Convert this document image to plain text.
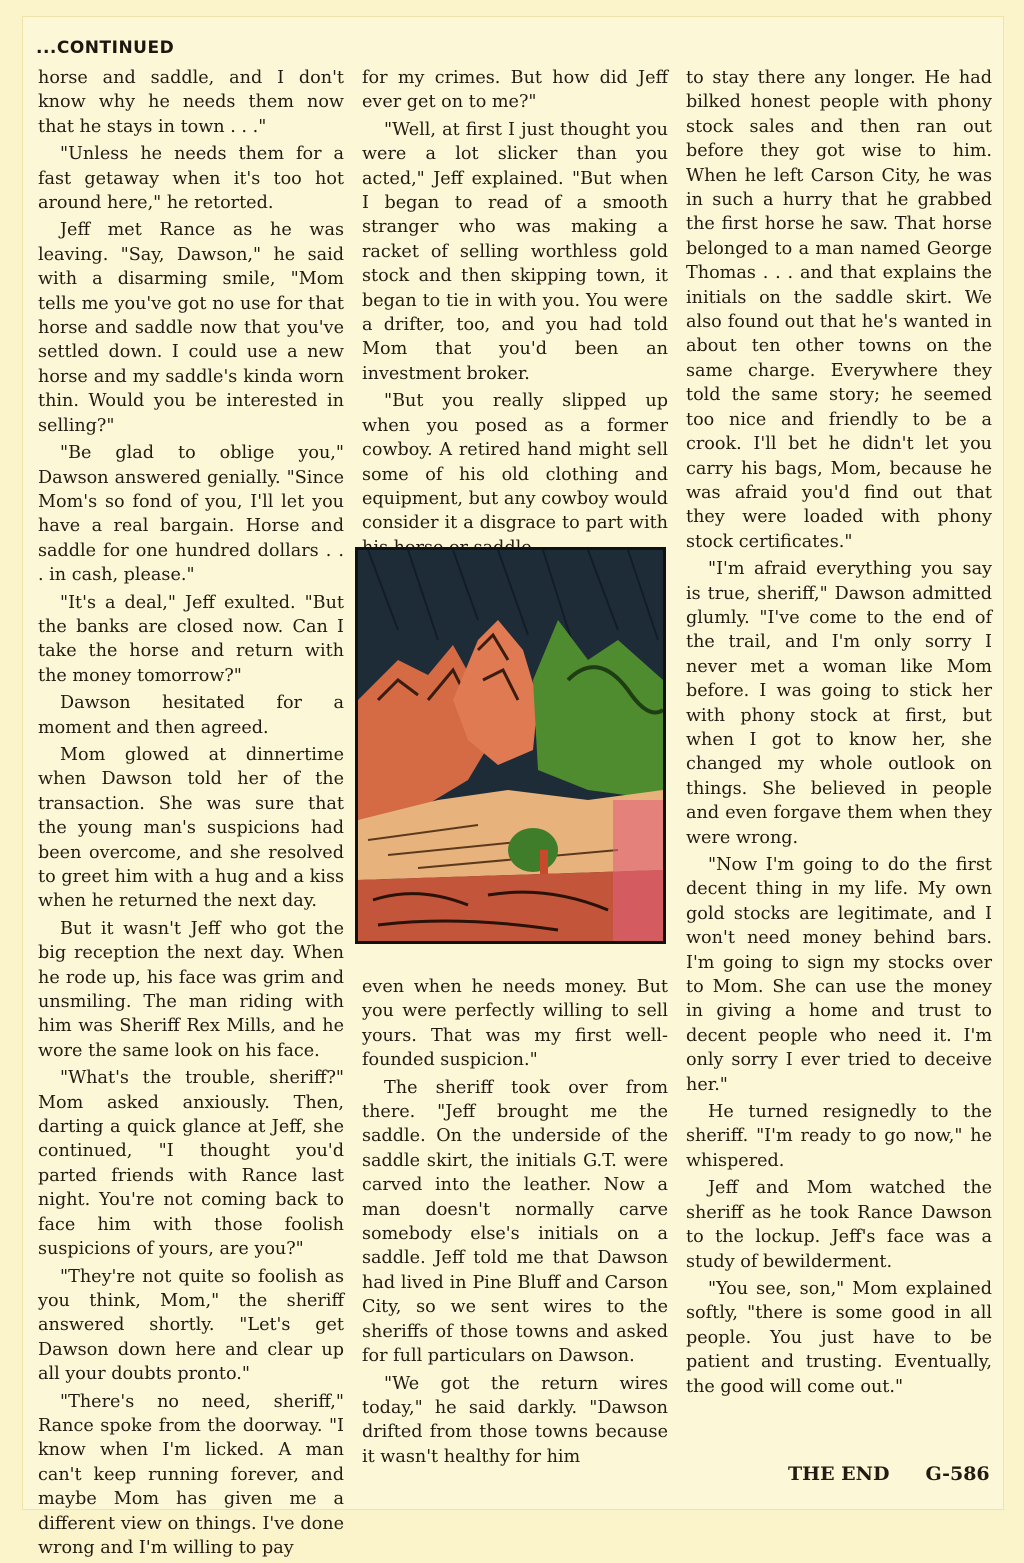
...CONTINUED

horse and saddle, and I don't know why he needs them now that he stays in town . . ."

"Unless he needs them for a fast getaway when it's too hot around here," he retorted.

Jeff met Rance as he was leaving. "Say, Dawson," he said with a disarming smile, "Mom tells me you've got no use for that horse and saddle now that you've settled down. I could use a new horse and my saddle's kinda worn thin. Would you be interested in selling?"

"Be glad to oblige you," Dawson answered genially. "Since Mom's so fond of you, I'll let you have a real bargain. Horse and saddle for one hundred dollars . . . in cash, please."

"It's a deal," Jeff exulted. "But the banks are closed now. Can I take the horse and return with the money tomorrow?"

Dawson hesitated for a moment and then agreed.

Mom glowed at dinnertime when Dawson told her of the transaction. She was sure that the young man's suspicions had been overcome, and she resolved to greet him with a hug and a kiss when he returned the next day.

But it wasn't Jeff who got the big reception the next day. When he rode up, his face was grim and unsmiling. The man riding with him was Sheriff Rex Mills, and he wore the same look on his face.

"What's the trouble, sheriff?" Mom asked anxiously. Then, darting a quick glance at Jeff, she continued, "I thought you'd parted friends with Rance last night. You're not coming back to face him with those foolish suspicions of yours, are you?"

"They're not quite so foolish as you think, Mom," the sheriff answered shortly. "Let's get Dawson down here and clear up all your doubts pronto."

"There's no need, sheriff," Rance spoke from the doorway. "I know when I'm licked. A man can't keep running forever, and maybe Mom has given me a different view on things. I've done wrong and I'm willing to pay

for my crimes. But how did Jeff ever get on to me?"

"Well, at first I just thought you were a lot slicker than you acted," Jeff explained. "But when I began to read of a smooth stranger who was making a racket of selling worthless gold stock and then skipping town, it began to tie in with you. You were a drifter, too, and you had told Mom that you'd been an investment broker.

"But you really slipped up when you posed as a former cowboy. A retired hand might sell some of his old clothing and equipment, but any cowboy would consider it a disgrace to part with

even when he needs money. But you were perfectly willing to sell yours. That was my first well-founded suspicion."

The sheriff took over from there. "Jeff brought me the saddle. On the underside of the saddle skirt, the initials G.T. were carved into the leather. Now a man doesn't normally carve somebody else's initials on a saddle. Jeff told me that Dawson had lived in Pine Bluff and Carson City, so we sent wires to the sheriffs of those towns and asked for full particulars on Dawson.

"We got the return wires today," he said darkly. "Dawson drifted from those towns because it wasn't healthy for him

to stay there any longer. He had bilked honest people with phony stock sales and then ran out before they got wise to him. When he left Carson City, he was in such a hurry that he grabbed the first horse he saw. That horse belonged to a man named George Thomas . . . and that explains the initials on the saddle skirt. We also found out that he's wanted in about ten other towns on the same charge. Everywhere they told the same story; he seemed too nice and friendly to be a crook. I'll bet he didn't let you carry his bags, Mom, because he was afraid you'd find out that they were loaded with phony stock certificates."

"I'm afraid everything you say is true, sheriff," Dawson admitted glumly. "I've come to the end of the trail, and I'm only sorry I never met a woman like Mom before. I was going to stick her with phony stock at first, but when I got to know her, she changed my whole outlook on things. She believed in people and even forgave them when they were wrong.

"Now I'm going to do the first decent thing in my life. My own gold stocks are legitimate, and I won't need money behind bars. I'm going to sign my stocks over to Mom. She can use the money in giving a home and trust to decent people who need it. I'm only sorry I ever tried to deceive her."

He turned resignedly to the sheriff. "I'm ready to go now," he whispered.

Jeff and Mom watched the sheriff as he took Rance Dawson to the lockup. Jeff's face was a study of bewilderment.

"You see, son," Mom explained softly, "there is some good in all people. You just have to be patient and trusting. Eventually, the good will come out."

THE END G-586
